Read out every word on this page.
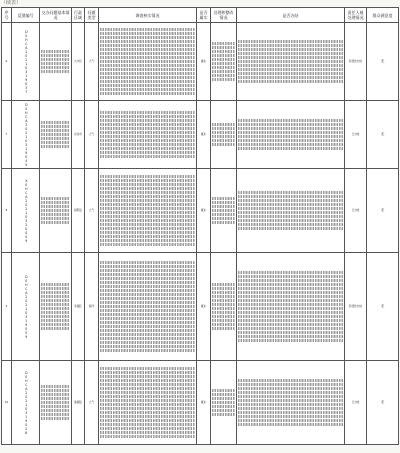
（续表）
序号	反馈编号	交办问题基本情况	行政区域	问题类型	调查核实情况	是否属实	处理和整改情况	是否办结	责任人被处理情况	群众满意度
6	D0HCA20210319037		大丰区	大气		属实			阶段性办结	无
7	D0HCA20210319045		东台市	大气		属实			已办结	无
8	X0HCA20210320009		射阳县	大气		属实			已办结	无
9	D0HCA20210319059		亭湖区	海洋		属实			阶段性办结	无
10	D0HCA20210319028		建湖县	大气		属实			已办结	无
